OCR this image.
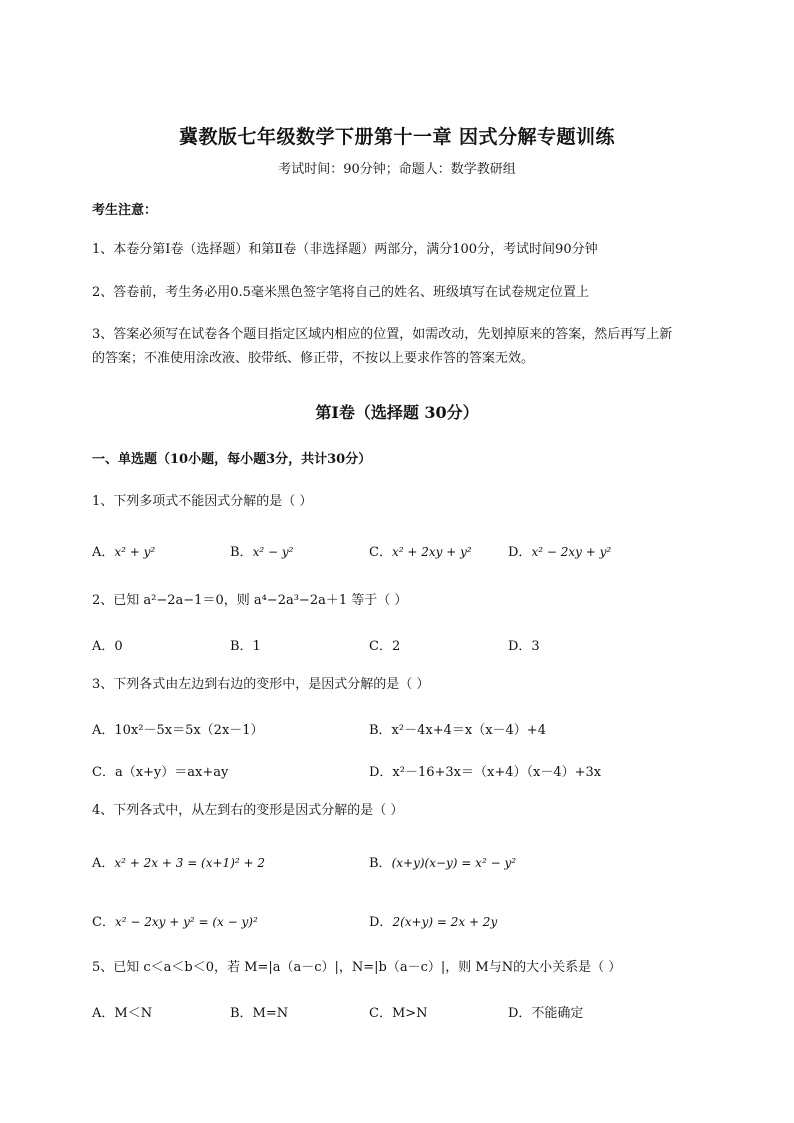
冀教版七年级数学下册第十一章 因式分解专题训练
考试时间：90分钟；命题人：数学教研组
考生注意：
1、本卷分第Ⅰ卷（选择题）和第Ⅱ卷（非选择题）两部分，满分100分，考试时间90分钟
2、答卷前，考生务必用0.5毫米黑色签字笔将自己的姓名、班级填写在试卷规定位置上
3、答案必须写在试卷各个题目指定区域内相应的位置，如需改动，先划掉原来的答案，然后再写上新
的答案；不准使用涂改液、胶带纸、修正带，不按以上要求作答的答案无效。
第Ⅰ卷（选择题 30分）
一、单选题（10小题，每小题3分，共计30分）
1、下列多项式不能因式分解的是（ ）
A．x² + y²	B．x² − y²	C．x² + 2xy + y²	D．x² − 2xy + y²
2、已知 a²−2a−1＝0，则 a⁴−2a³−2a＋1 等于（ ）
A．0	B．1	C．2	D．3
3、下列各式由左边到右边的变形中，是因式分解的是（ ）
A．10x²－5x＝5x（2x－1）	B．x²－4x+4＝x（x－4）+4
C．a（x+y）＝ax+ay	D．x²－16+3x＝（x+4）（x－4）+3x
4、下列各式中，从左到右的变形是因式分解的是（ ）
A．x² + 2x + 3 = (x+1)² + 2	B．(x+y)(x−y) = x² − y²
C．x² − 2xy + y² = (x − y)²	D．2(x+y) = 2x + 2y
5、已知 c＜a＜b＜0，若 M=|a（a－c）|，N=|b（a－c）|，则 M与N的大小关系是（ ）
A．M＜N	B．M=N	C．M>N	D．不能确定
